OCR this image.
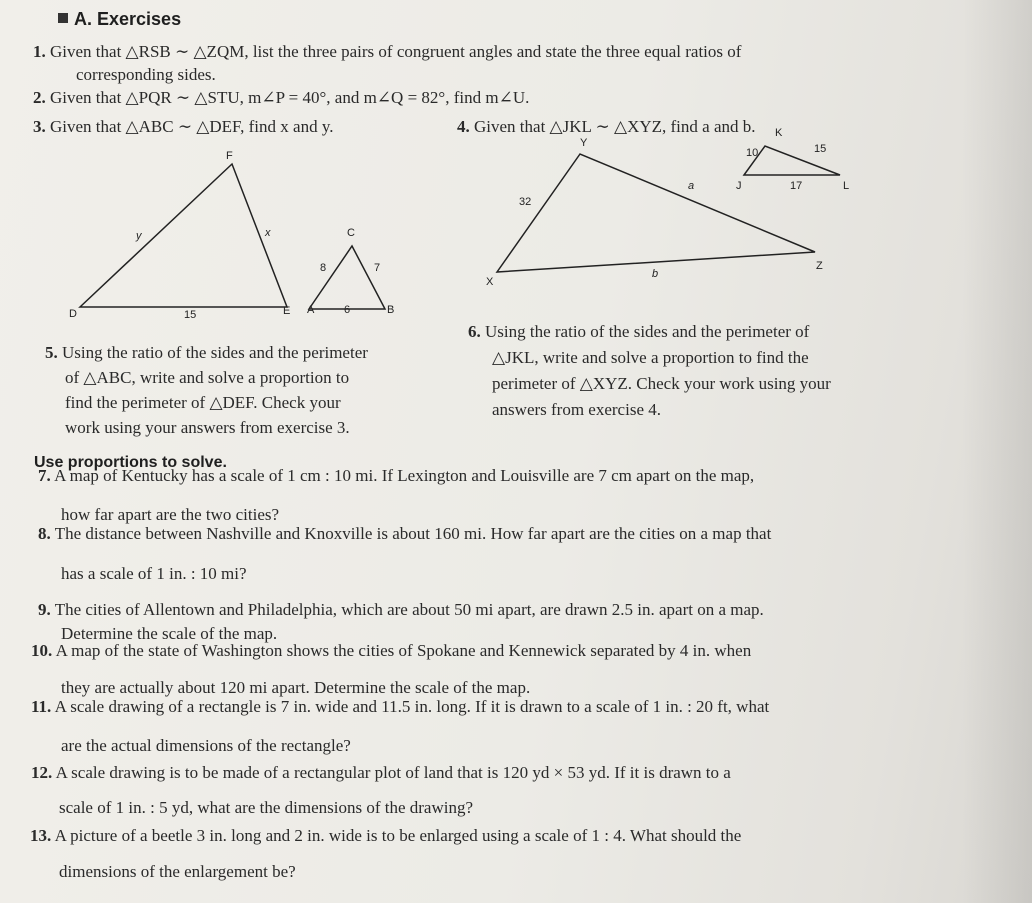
A. Exercises
1. Given that △RSB ∼ △ZQM, list the three pairs of congruent angles and state the three equal ratios of
corresponding sides.
2. Given that △PQR ∼ △STU, m∠P = 40°, and m∠Q = 82°, find m∠U.
3. Given that △ABC ∼ △DEF, find x and y.	4. Given that △JKL ∼ △XYZ, find a and b.
F
D	E
y	x
15
C
A	B
8	7
6
Y
X
Z
32
a
b
K
J	L
10	15
17
5. Using the ratio of the sides and the perimeter
of △ABC, write and solve a proportion to
find the perimeter of △DEF. Check your
work using your answers from exercise 3.
6. Using the ratio of the sides and the perimeter of
△JKL, write and solve a proportion to find the
perimeter of △XYZ. Check your work using your
answers from exercise 4.
Use proportions to solve.
7. A map of Kentucky has a scale of 1 cm : 10 mi. If Lexington and Louisville are 7 cm apart on the map,
how far apart are the two cities?
8. The distance between Nashville and Knoxville is about 160 mi. How far apart are the cities on a map that
has a scale of 1 in. : 10 mi?
9. The cities of Allentown and Philadelphia, which are about 50 mi apart, are drawn 2.5 in. apart on a map.
Determine the scale of the map.
10. A map of the state of Washington shows the cities of Spokane and Kennewick separated by 4 in. when
they are actually about 120 mi apart. Determine the scale of the map.
11. A scale drawing of a rectangle is 7 in. wide and 11.5 in. long. If it is drawn to a scale of 1 in. : 20 ft, what
are the actual dimensions of the rectangle?
12. A scale drawing is to be made of a rectangular plot of land that is 120 yd × 53 yd. If it is drawn to a
scale of 1 in. : 5 yd, what are the dimensions of the drawing?
13. A picture of a beetle 3 in. long and 2 in. wide is to be enlarged using a scale of 1 : 4. What should the
dimensions of the enlargement be?
